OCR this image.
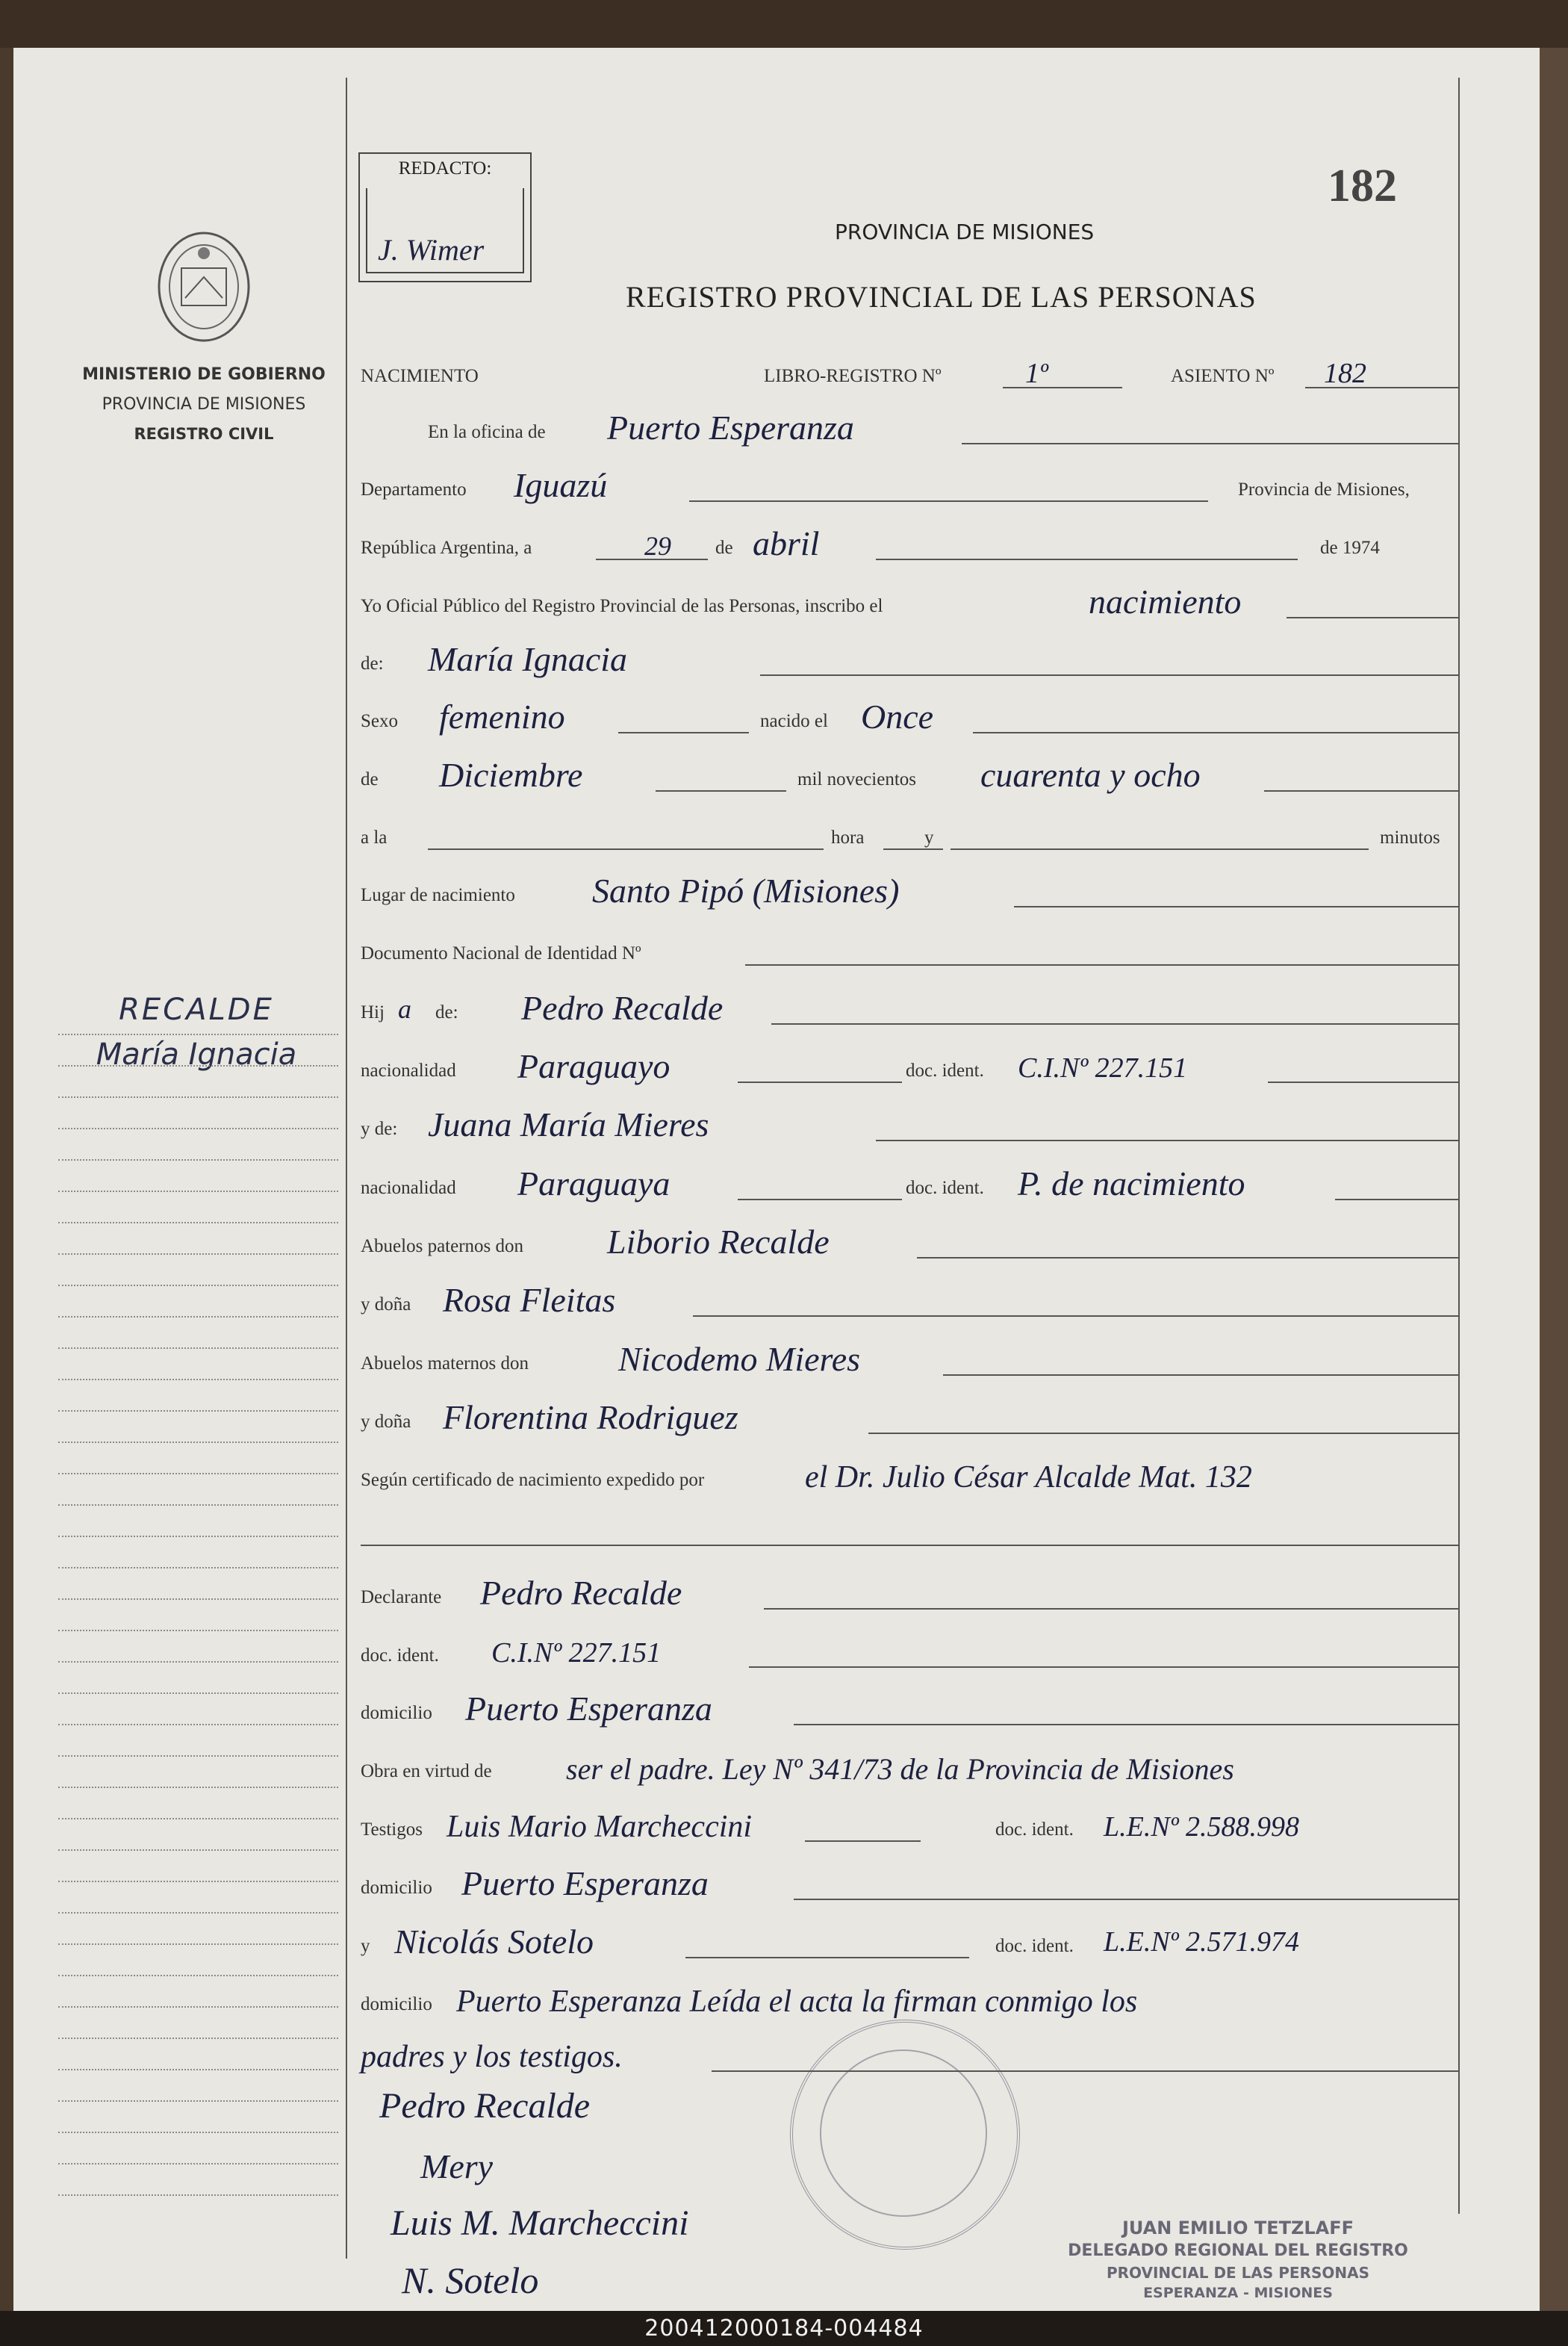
MINISTERIO DE GOBIERNO
PROVINCIA DE MISIONES
REGISTRO CIVIL
RECALDE
María Ignacia
REDACTO:
J. Wimer
182
PROVINCIA DE MISIONES
REGISTRO PROVINCIAL DE LAS PERSONAS
NACIMIENTO	LIBRO-REGISTRO Nº	1º	ASIENTO Nº 182
En la oficina de Puerto Esperanza
Departamento Iguazú	Provincia de Misiones,
República Argentina, a	29 de abril	de 1974
Yo Oficial Público del Registro Provincial de las Personas, inscribo el	nacimiento
de: María Ignacia
Sexo femenino	nacido el Once
de Diciembre	mil novecientos cuarenta y ocho
a la	hora	y	minutos
Lugar de nacimiento Santo Pipó (Misiones)
Documento Nacional de Identidad Nº
Hij a de: Pedro Recalde
nacionalidad Paraguayo	doc. ident. C.I.Nº 227.151
y de: Juana María Mieres
nacionalidad Paraguaya	doc. ident. P. de nacimiento
Abuelos paternos don Liborio Recalde
y doña Rosa Fleitas
Abuelos maternos don	Nicodemo Mieres
y doña Florentina Rodriguez
Según certificado de nacimiento expedido por	el Dr. Julio César Alcalde Mat. 132
Declarante Pedro Recalde
doc. ident. C.I.Nº 227.151
domicilio Puerto Esperanza
Obra en virtud de ser el padre. Ley Nº 341/73 de la Provincia de Misiones
Testigos Luis Mario Marcheccini	doc. ident. L.E.Nº 2.588.998
domicilio Puerto Esperanza
y Nicolás Sotelo	doc. ident. L.E.Nº 2.571.974
domicilio Puerto Esperanza Leída el acta la firman conmigo los
padres y los testigos.
Pedro Recalde
Mery
Luis M. Marcheccini
N. Sotelo
JUAN EMILIO TETZLAFF
DELEGADO REGIONAL DEL REGISTRO
PROVINCIAL DE LAS PERSONAS
ESPERANZA - MISIONES
200412000184-004484
